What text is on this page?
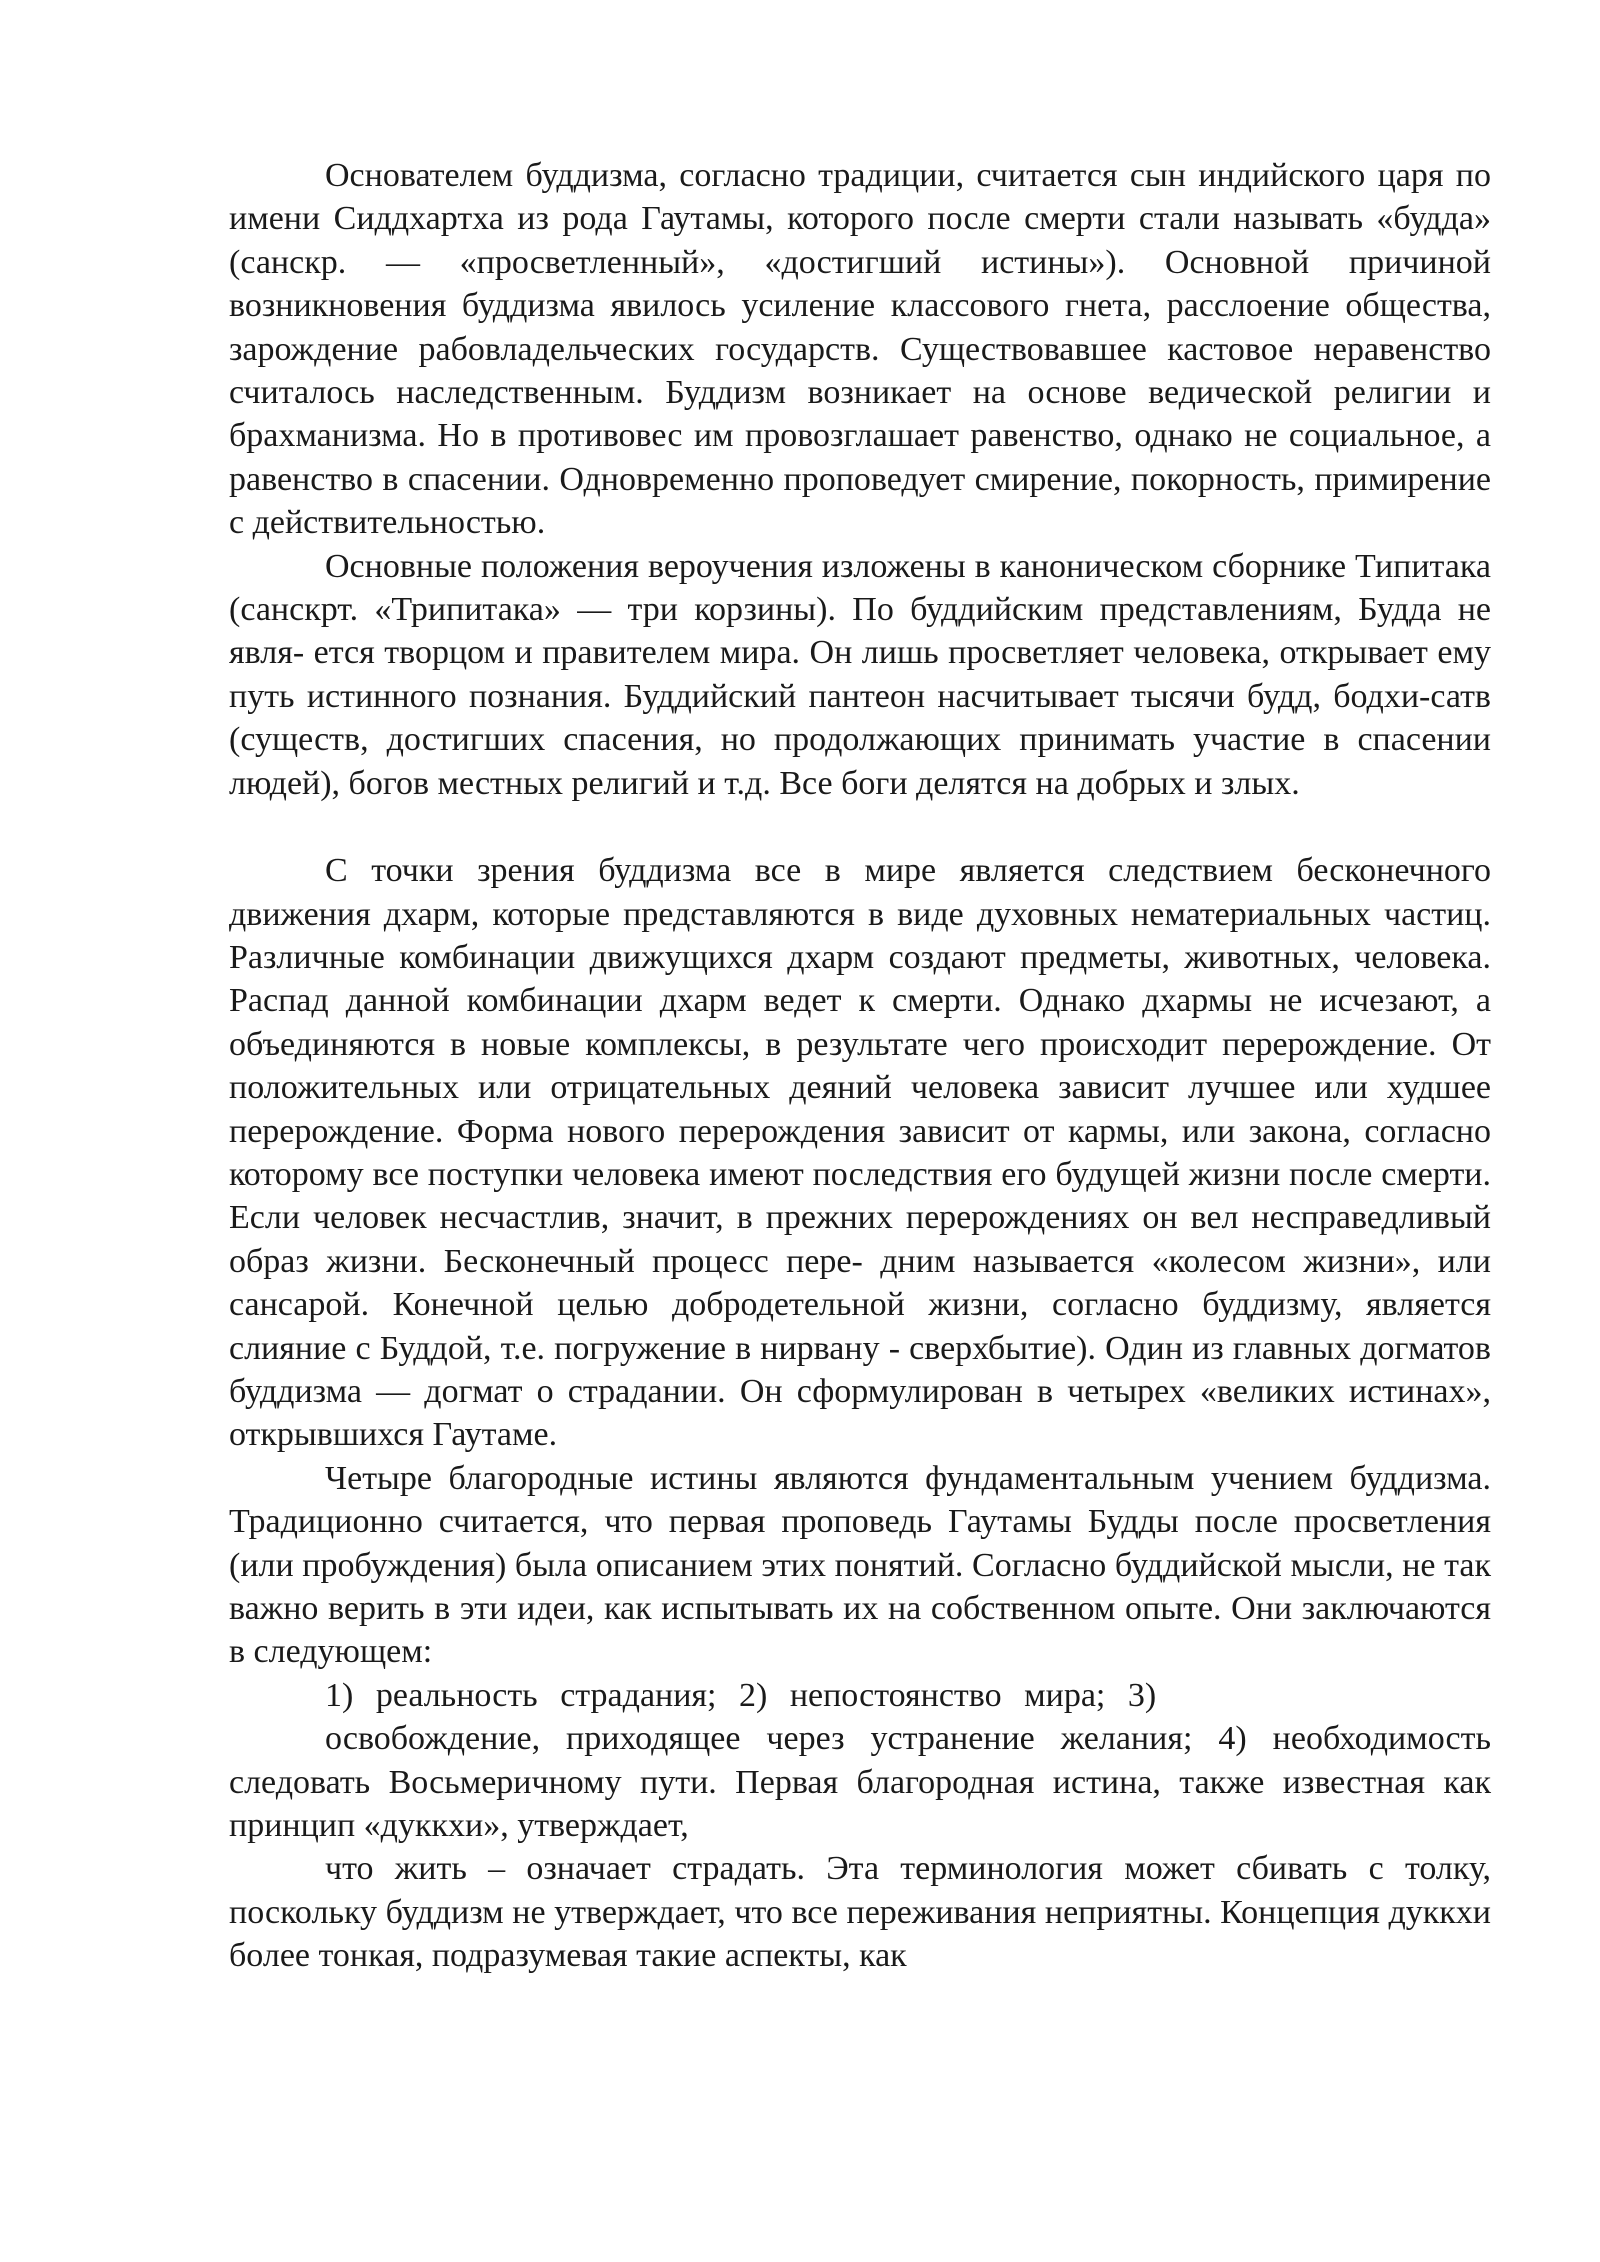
Основателем буддизма, согласно традиции, считается сын индийского царя по имени Сиддхартха из рода Гаутамы, которого после смерти стали называть «будда» (санскр. — «просветленный», «достигший истины»). Основной причиной возникновения буддизма явилось усиление классового гнета, расслоение общества, зарождение рабовладельческих государств. Существовавшее кастовое неравенство считалось наследственным. Буддизм возникает на основе ведической религии и брахманизма. Но в противовес им провозглашает равенство, однако не социальное, а равенство в спасении. Одновременно проповедует смирение, покорность, примирение с действительностью.

Основные положения вероучения изложены в каноническом сборнике Типитака (санскрт. «Трипитака» — три корзины). По буддийским представлениям, Будда не явля- ется творцом и правителем мира. Он лишь просветляет человека, открывает ему путь истинного познания. Буддийский пантеон насчитывает тысячи будд, бодхи-сатв (существ, достигших спасения, но продолжающих принимать участие в спасении людей), богов местных религий и т.д. Все боги делятся на добрых и злых.

С точки зрения буддизма все в мире является следствием бесконечного движения дхарм, которые представляются в виде духовных нематериальных частиц. Различные комбинации движущихся дхарм создают предметы, животных, человека. Распад данной комбинации дхарм ведет к смерти. Однако дхармы не исчезают, а объединяются в новые комплексы, в результате чего происходит перерождение. От положительных или отрицательных деяний человека зависит лучшее или худшее перерождение. Форма нового перерождения зависит от кармы, или закона, согласно которому все поступки человека имеют последствия его будущей жизни после смерти. Если человек несчастлив, значит, в прежних перерождениях он вел несправедливый образ жизни. Бесконечный процесс пере- дним называется «колесом жизни», или сансарой. Конечной целью добродетельной жизни, согласно буддизму, является слияние с Буддой, т.е. погружение в нирвану - сверхбытие). Один из главных догматов буддизма — догмат о страдании. Он сформулирован в четырех «великих истинах», открывшихся Гаутаме.

Четыре благородные истины являются фундаментальным учением буддизма. Традиционно считается, что первая проповедь Гаутамы Будды после просветления (или пробуждения) была описанием этих понятий. Согласно буддийской мысли, не так важно верить в эти идеи, как испытывать их на собственном опыте. Они заключаются в следующем:

1) реальность страдания; 2) непостоянство мира; 3)

освобождение, приходящее через устранение желания; 4) необходимость следовать Восьмеричному пути. Первая благородная истина, также известная как принцип «дуккхи», утверждает,

что жить – означает страдать. Эта терминология может сбивать с толку, поскольку буддизм не утверждает, что все переживания неприятны. Концепция дуккхи более тонкая, подразумевая такие аспекты, как
